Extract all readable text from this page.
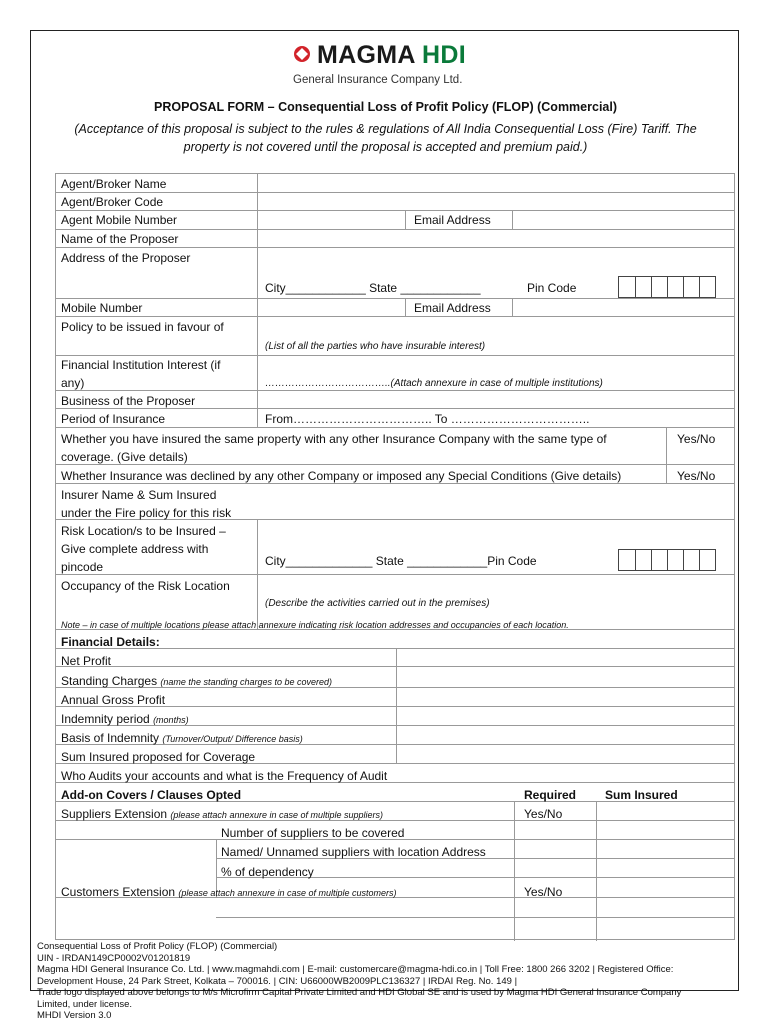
MAGMA HDI
General Insurance Company Ltd.
PROPOSAL FORM – Consequential Loss of Profit Policy (FLOP) (Commercial)
(Acceptance of this proposal is subject to the rules & regulations of All India Consequential Loss (Fire) Tariff. The property is not covered until the proposal is accepted and premium paid.)
Agent/Broker Name
Agent/Broker Code
Agent Mobile Number	Email Address
Name of the Proposer
Address of the Proposer
City____________ State ____________	Pin Code
Mobile Number	Email Address
Policy to be issued in favour of
(List of all the parties who have insurable interest)
Financial Institution Interest (if
any)	………………………………..(Attach annexure in case of multiple institutions)
Business of the Proposer
Period of Insurance	From…………………………….. To ……………………………..
Whether you have insured the same property with any other Insurance Company with the same type of
coverage. (Give details)
Yes/No
Whether Insurance was declined by any other Company or imposed any Special Conditions (Give details)	Yes/No
Insurer Name & Sum Insured
under the Fire policy for this risk
Risk Location/s to be Insured –
Give complete address with
pincode	City_____________ State ____________Pin Code
Occupancy of the Risk Location
(Describe the activities carried out in the premises)
Note – in case of multiple locations please attach annexure indicating risk location addresses and occupancies of each location.
Financial Details:
Net Profit
Standing Charges (name the standing charges to be covered)
Annual Gross Profit
Indemnity period (months)
Basis of Indemnity (Turnover/Output/ Difference basis)
Sum Insured proposed for Coverage
Who Audits your accounts and what is the Frequency of Audit
Add-on Covers / Clauses Opted	Required Sum Insured
Suppliers Extension (please attach annexure in case of multiple suppliers)	Yes/No
Number of suppliers to be covered
Named/ Unnamed suppliers with location Address
% of dependency
Customers Extension (please attach annexure in case of multiple customers)	Yes/No
Consequential Loss of Profit Policy (FLOP) (Commercial)
UIN - IRDAN149CP0002V01201819
Magma HDI General Insurance Co. Ltd. | www.magmahdi.com | E-mail: customercare@magma-hdi.co.in | Toll Free: 1800 266 3202 | Registered Office:
Development House, 24 Park Street, Kolkata – 700016. | CIN: U66000WB2009PLC136327 | IRDAI Reg. No. 149 |
Trade logo displayed above belongs to M/s Microfirm Capital Private Limited and HDI Global SE and is used by Magma HDI General Insurance Company
Limited, under license.
MHDI Version 3.0
